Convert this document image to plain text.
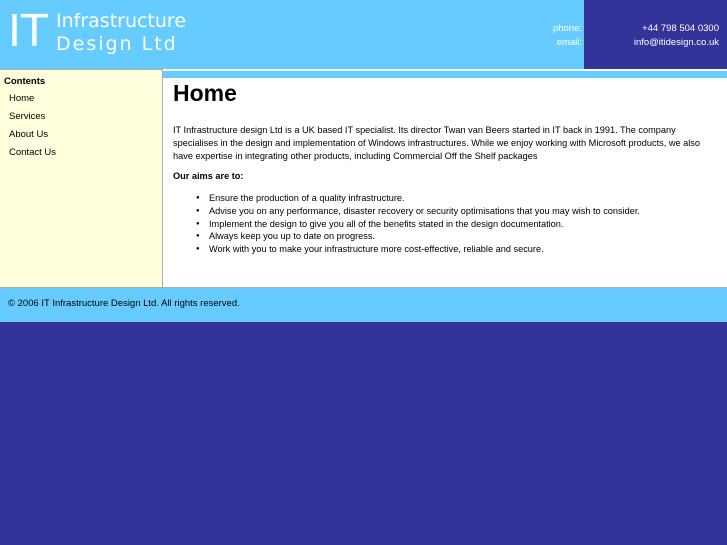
IT Infrastructure
Design Ltd
phone:
email:
+44 798 504 0300
info@itidesign.co.uk
Contents
Home
Services
About Us
Contact Us
Home

IT Infrastructure design Ltd is a UK based IT specialist. Its director Twan van Beers started in IT back in 1991. The company specialises in the design and implementation of Windows infrastructures. While we enjoy working with Microsoft products, we also have expertise in integrating other products, including Commercial Off the Shelf packages

Our aims are to:
● Ensure the production of a quality infrastructure.
● Advise you on any performance, disaster recovery or security optimisations that you may wish to consider.
● Implement the design to give you all of the benefits stated in the design documentation.
● Always keep you up to date on progress.
● Work with you to make your infrastructure more cost-effective, reliable and secure.
© 2006 IT Infrastructure Design Ltd. All rights reserved.
